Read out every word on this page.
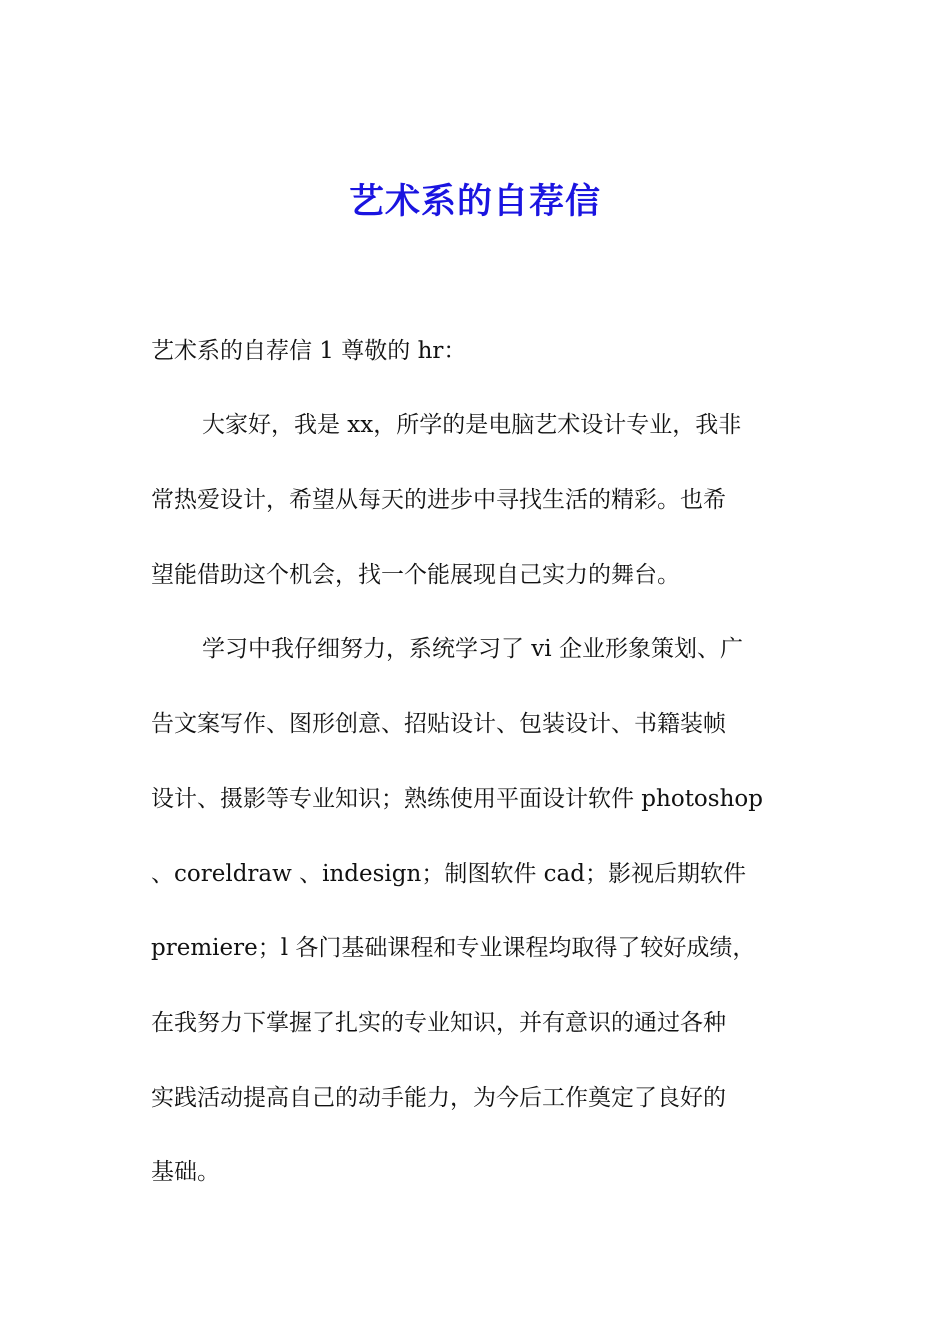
艺术系的自荐信
艺术系的自荐信 1 尊敬的 hr：
大家好，我是 xx，所学的是电脑艺术设计专业，我非
常热爱设计，希望从每天的进步中寻找生活的精彩。也希
望能借助这个机会，找一个能展现自己实力的舞台。
学习中我仔细努力，系统学习了 vi 企业形象策划、广
告文案写作、图形创意、招贴设计、包装设计、书籍装帧
设计、摄影等专业知识；熟练使用平面设计软件 photoshop
、coreldraw 、indesign；制图软件 cad；影视后期软件
premiere；l 各门基础课程和专业课程均取得了较好成绩，
在我努力下掌握了扎实的专业知识，并有意识的通过各种
实践活动提高自己的动手能力，为今后工作奠定了良好的
基础。
